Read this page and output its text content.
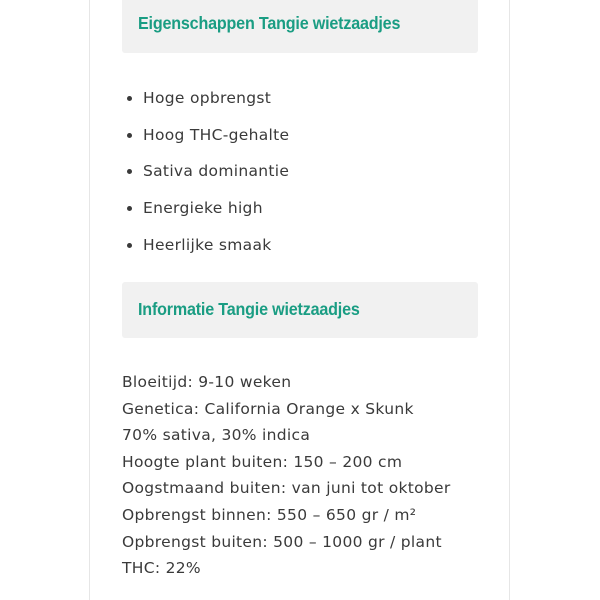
Eigenschappen Tangie wietzaadjes
Hoge opbrengst
Hoog THC-gehalte
Sativa dominantie
Energieke high
Heerlijke smaak
Informatie Tangie wietzaadjes
Bloeitijd: 9-10 weken
Genetica: California Orange x Skunk
70% sativa, 30% indica
Hoogte plant buiten: 150 – 200 cm
Oogstmaand buiten: van juni tot oktober
Opbrengst binnen: 550 – 650 gr / m²
Opbrengst buiten: 500 – 1000 gr / plant
THC: 22%
